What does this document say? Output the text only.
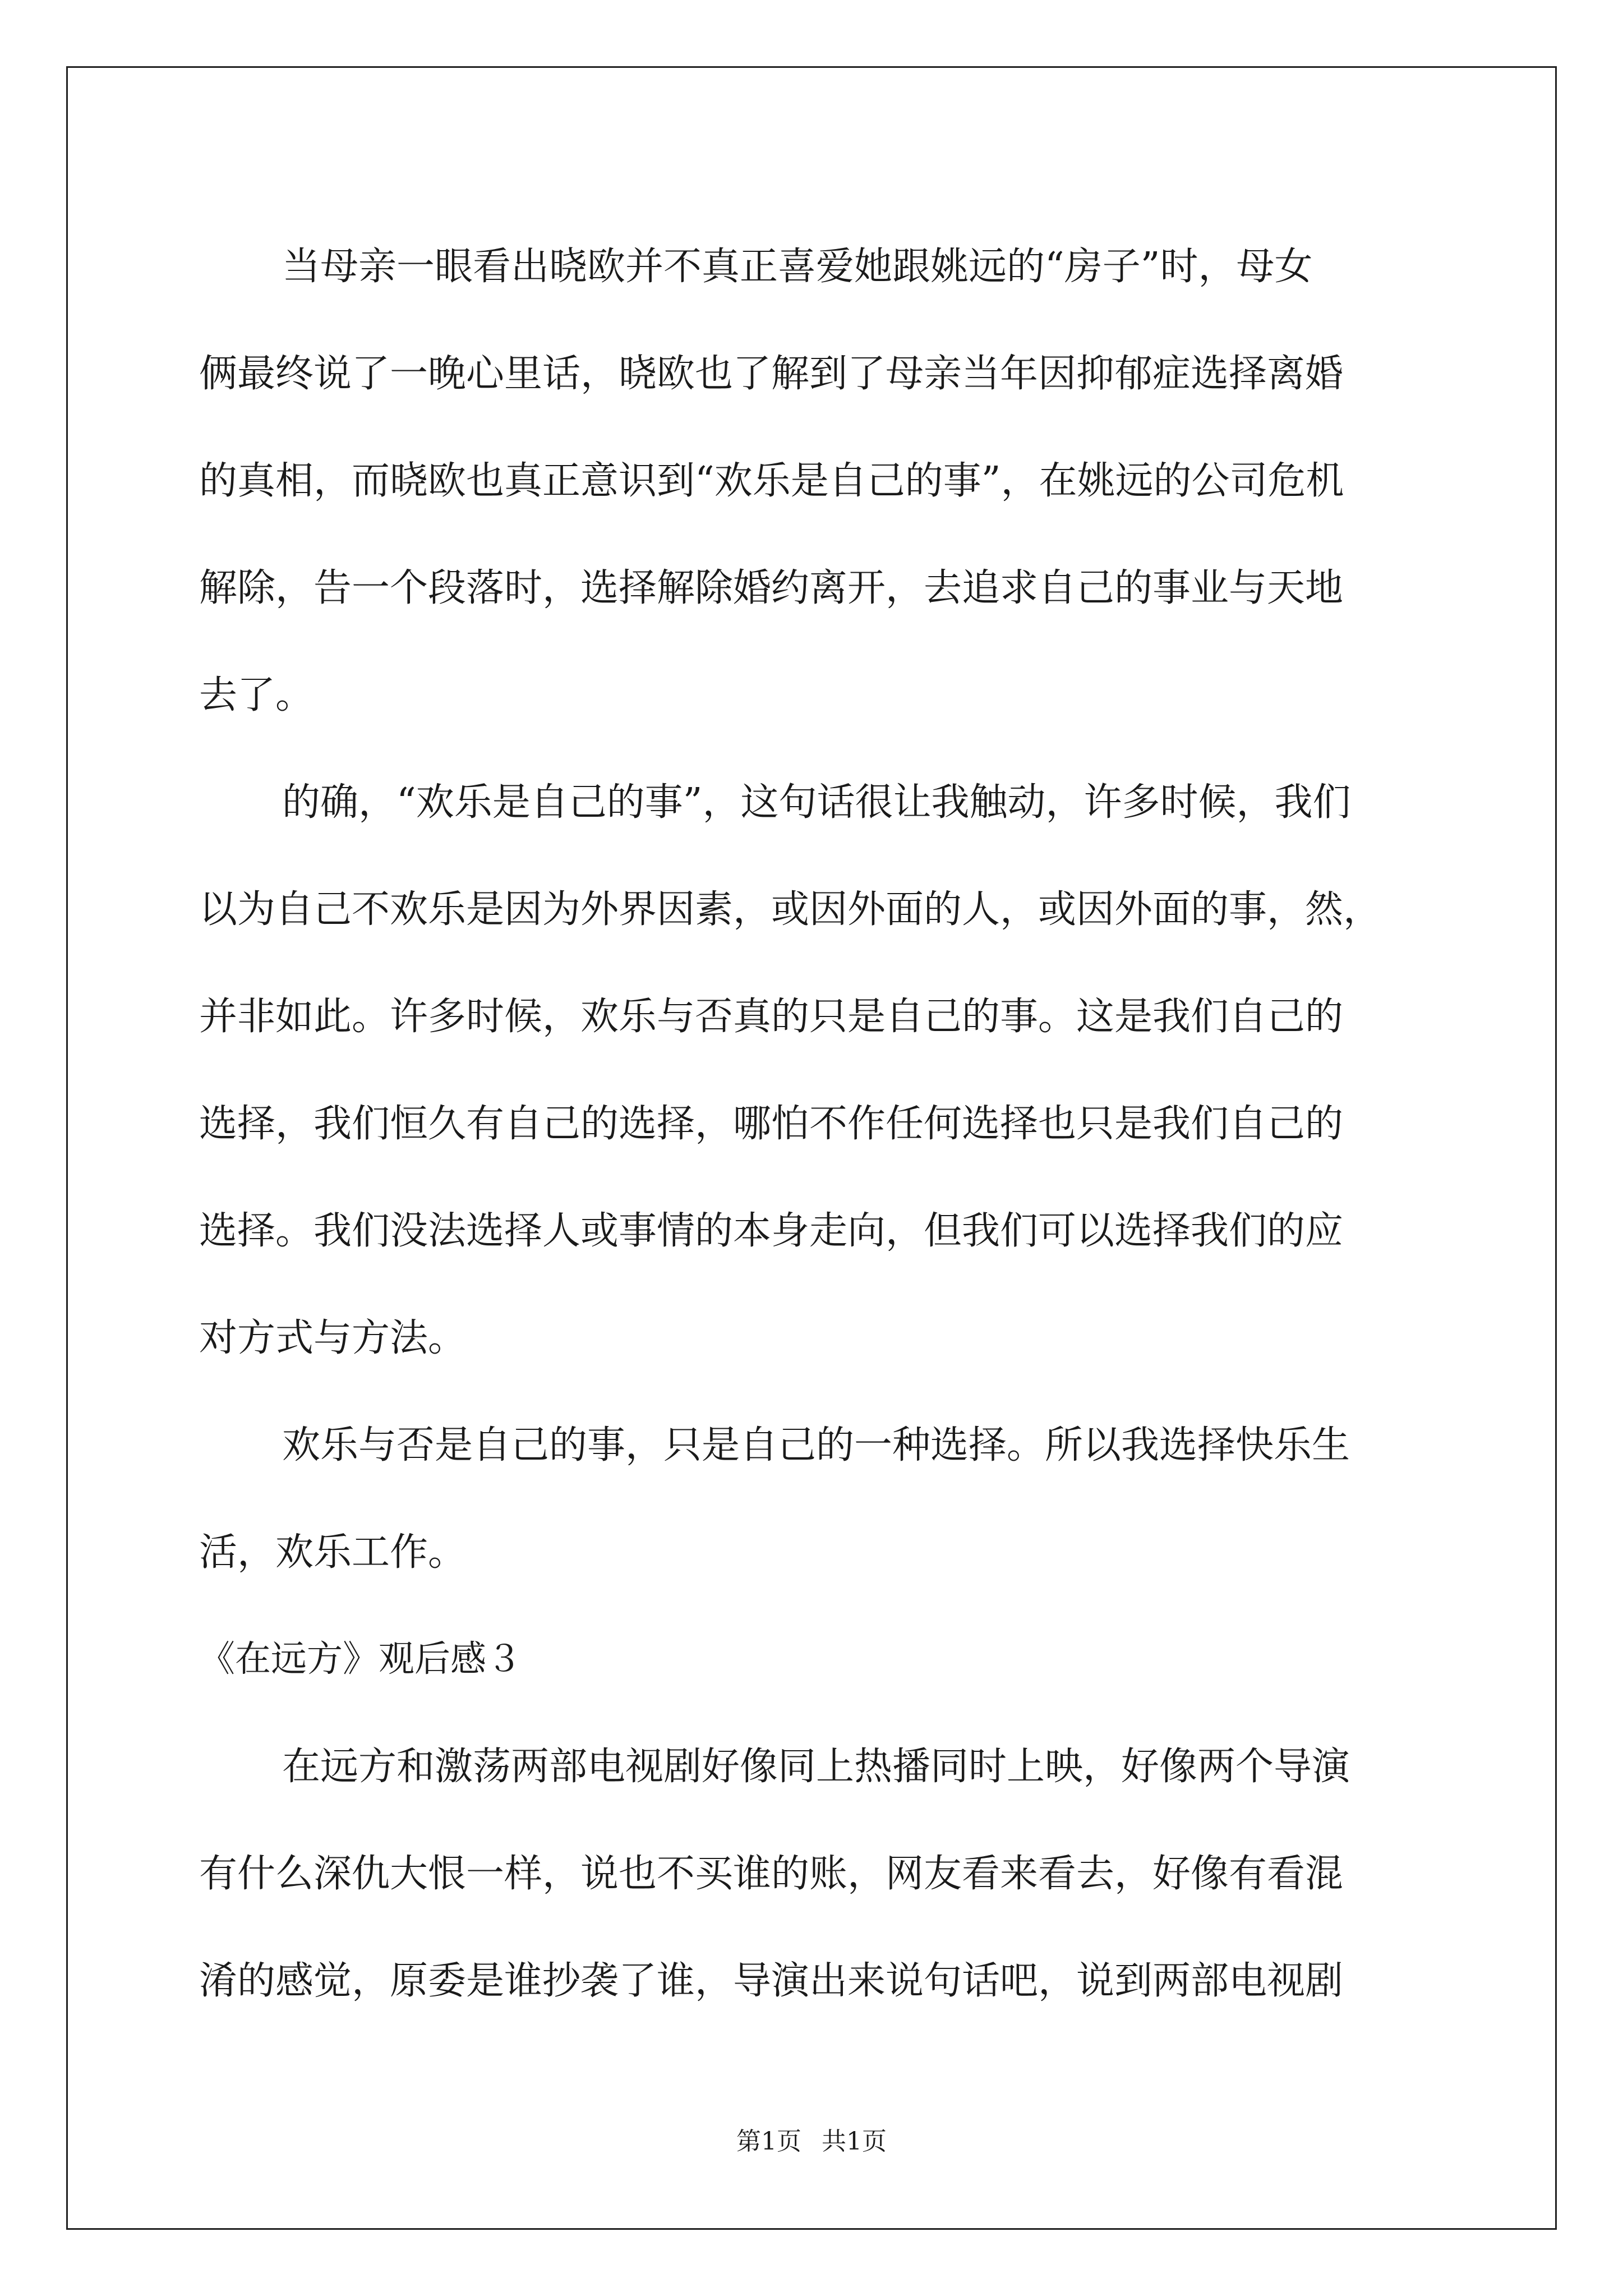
当母亲一眼看出晓欧并不真正喜爱她跟姚远的“房子”时，母女
俩最终说了一晚心里话，晓欧也了解到了母亲当年因抑郁症选择离婚
的真相，而晓欧也真正意识到“欢乐是自己的事”，在姚远的公司危机
解除，告一个段落时，选择解除婚约离开，去追求自己的事业与天地
去了。
的确，“欢乐是自己的事”，这句话很让我触动，许多时候，我们
以为自己不欢乐是因为外界因素，或因外面的人，或因外面的事，然，
并非如此。许多时候，欢乐与否真的只是自己的事。这是我们自己的
选择，我们恒久有自己的选择，哪怕不作任何选择也只是我们自己的
选择。我们没法选择人或事情的本身走向，但我们可以选择我们的应
对方式与方法。
欢乐与否是自己的事，只是自己的一种选择。所以我选择快乐生
活，欢乐工作。
《在远方》观后感３
在远方和激荡两部电视剧好像同上热播同时上映，好像两个导演
有什么深仇大恨一样，说也不买谁的账，网友看来看去，好像有看混
淆的感觉，原委是谁抄袭了谁，导演出来说句话吧，说到两部电视剧
第1页 共1页
